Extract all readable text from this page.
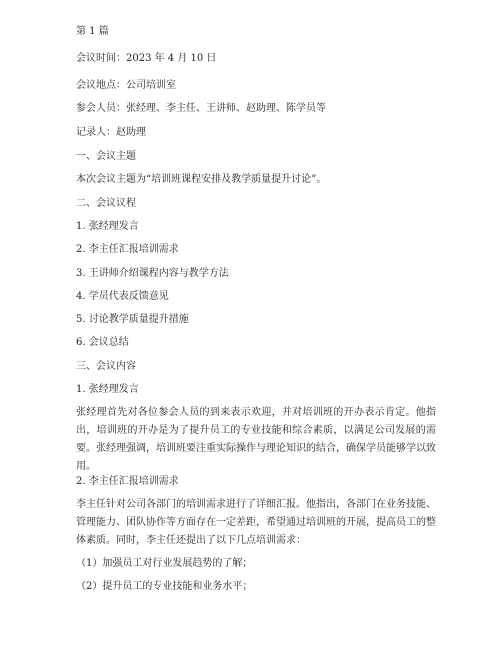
第 1 篇
会议时间：2023 年 4 月 10 日
会议地点：公司培训室
参会人员：张经理、李主任、王讲师、赵助理、陈学员等
记录人：赵助理
一、会议主题
本次会议主题为“培训班课程安排及教学质量提升讨论”。
二、会议议程
1. 张经理发言
2. 李主任汇报培训需求
3. 王讲师介绍课程内容与教学方法
4. 学员代表反馈意见
5. 讨论教学质量提升措施
6. 会议总结
三、会议内容
1. 张经理发言
张经理首先对各位参会人员的到来表示欢迎，并对培训班的开办表示肯定。他指出，培训班的开办是为了提升员工的专业技能和综合素质，以满足公司发展的需要。张经理强调，培训班要注重实际操作与理论知识的结合，确保学员能够学以致用。
2. 李主任汇报培训需求
李主任针对公司各部门的培训需求进行了详细汇报。他指出，各部门在业务技能、管理能力、团队协作等方面存在一定差距，希望通过培训班的开展，提高员工的整体素质。同时，李主任还提出了以下几点培训需求：
（1）加强员工对行业发展趋势的了解；
（2）提升员工的专业技能和业务水平；
